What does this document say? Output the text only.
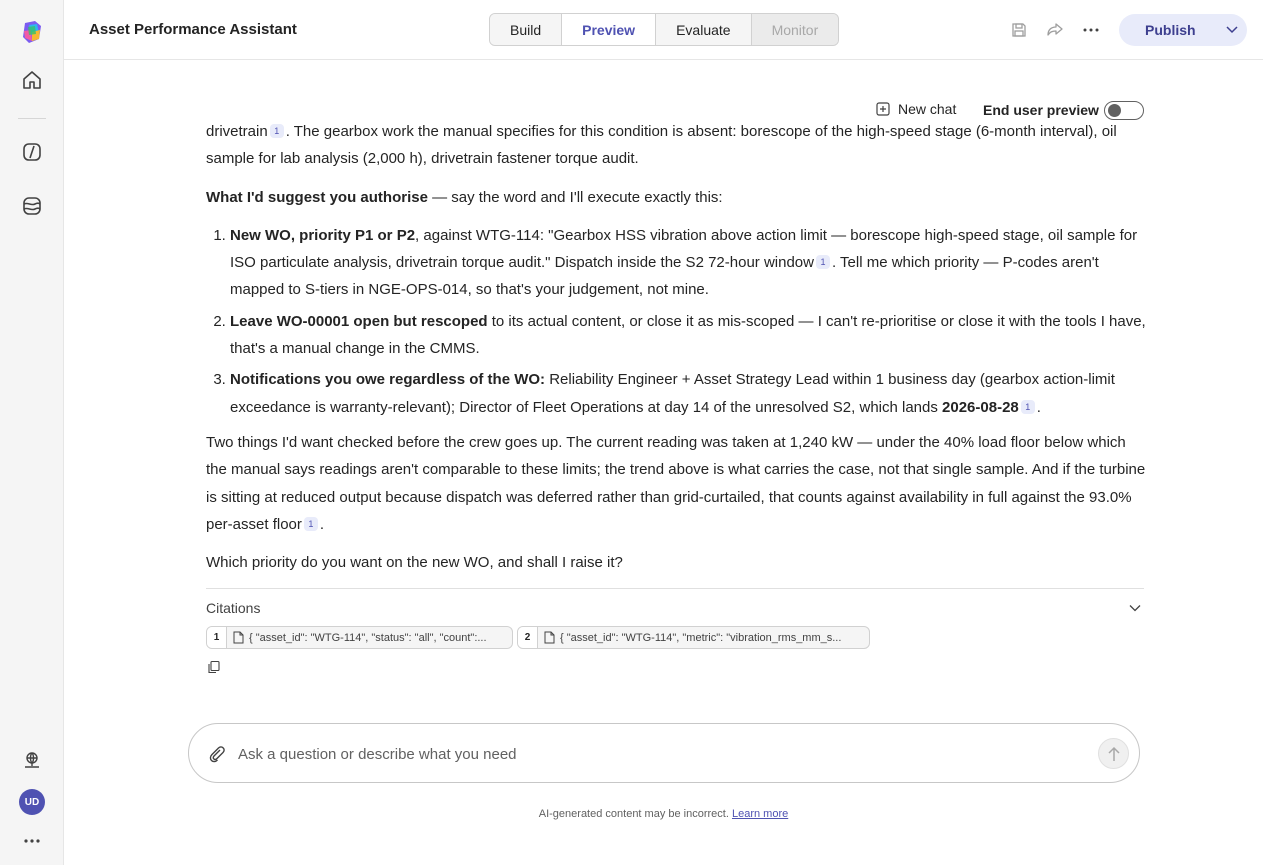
UD
Asset Performance Assistant	Build	Preview	Evaluate	Monitor	Publish

drivetrain 1 . The gearbox work the manual specifies for this condition is absent: borescope of the high-speed stage (6-month interval), oil sample for lab analysis (2,000 h), drivetrain fastener torque audit.

What I'd suggest you authorise — say the word and I'll execute exactly this:

1. New WO, priority P1 or P2, against WTG-114: "Gearbox HSS vibration above action limit — borescope high-speed stage, oil sample for ISO particulate analysis, drivetrain torque audit." Dispatch inside the S2 72-hour window 1 . Tell me which priority — P-codes aren't mapped to S-tiers in NGE-OPS-014, so that's your judgement, not mine.
2. Leave WO-00001 open but rescoped to its actual content, or close it as mis-scoped — I can't re-prioritise or close it with the tools I have, that's a manual change in the CMMS.
3. Notifications you owe regardless of the WO: Reliability Engineer + Asset Strategy Lead within 1 business day (gearbox action-limit exceedance is warranty-relevant); Director of Fleet Operations at day 14 of the unresolved S2, which lands 2026-08-28 1 .

Two things I'd want checked before the crew goes up. The current reading was taken at 1,240 kW — under the 40% load floor below which the manual says readings aren't comparable to these limits; the trend above is what carries the case, not that single sample. And if the turbine is sitting at reduced output because dispatch was deferred rather than grid-curtailed, that counts against availability in full against the 93.0% per-asset floor 1 .

Which priority do you want on the new WO, and shall I raise it?

New chat End user preview
Citations
1	{ "asset_id": "WTG-114", "status": "all", "count":...	2	{ "asset_id": "WTG-114", "metric": "vibration_rms_mm_s...
Ask a question or describe what you need
AI-generated content may be incorrect. Learn more
